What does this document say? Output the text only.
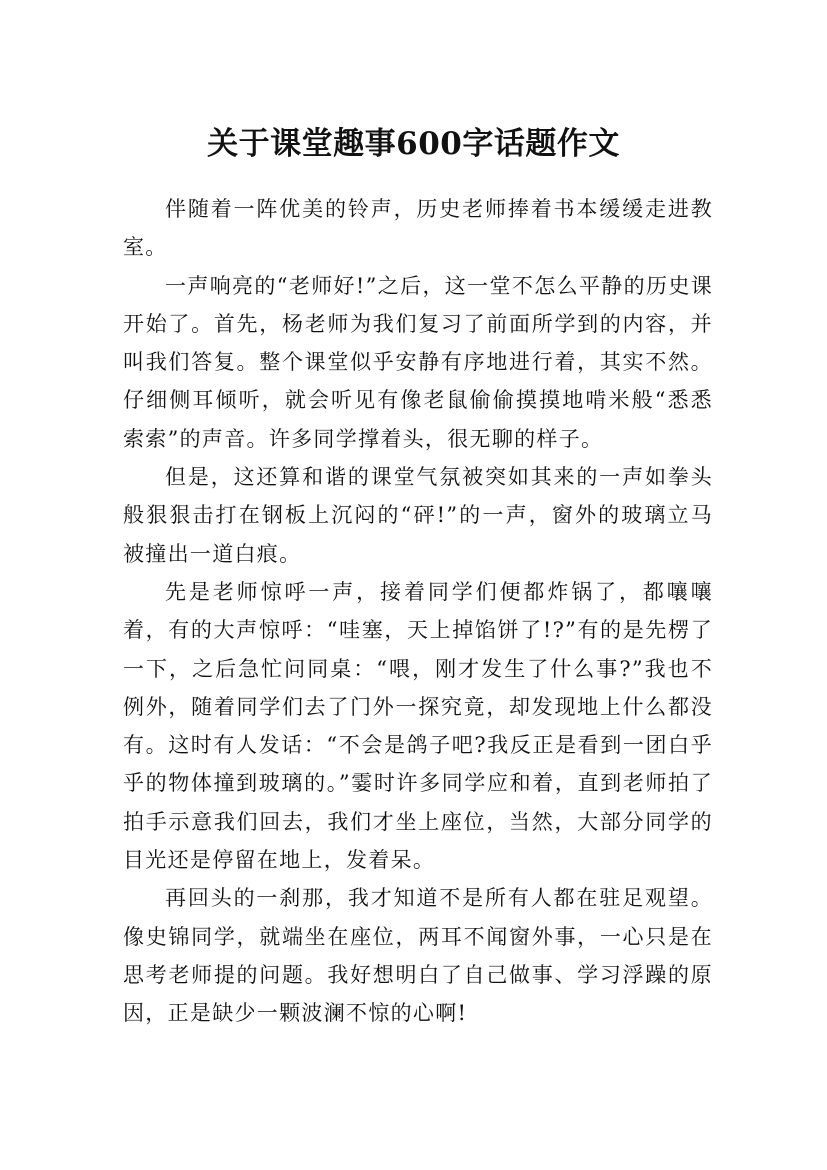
关于课堂趣事600字话题作文

伴随着一阵优美的铃声，历史老师捧着书本缓缓走进教室。

一声响亮的“老师好!”之后，这一堂不怎么平静的历史课开始了。首先，杨老师为我们复习了前面所学到的内容，并叫我们答复。整个课堂似乎安静有序地进行着，其实不然。仔细侧耳倾听，就会听见有像老鼠偷偷摸摸地啃米般“悉悉索索”的声音。许多同学撑着头，很无聊的样子。

但是，这还算和谐的课堂气氛被突如其来的一声如拳头般狠狠击打在钢板上沉闷的“砰!”的一声，窗外的玻璃立马被撞出一道白痕。

先是老师惊呼一声，接着同学们便都炸锅了，都嚷嚷着，有的大声惊呼：“哇塞，天上掉馅饼了!?”有的是先楞了一下，之后急忙问同桌：“喂，刚才发生了什么事?”我也不例外，随着同学们去了门外一探究竟，却发现地上什么都没有。这时有人发话：“不会是鸽子吧?我反正是看到一团白乎乎的物体撞到玻璃的。”霎时许多同学应和着，直到老师拍了拍手示意我们回去，我们才坐上座位，当然，大部分同学的目光还是停留在地上，发着呆。

再回头的一刹那，我才知道不是所有人都在驻足观望。像史锦同学，就端坐在座位，两耳不闻窗外事，一心只是在思考老师提的问题。我好想明白了自己做事、学习浮躁的原因，正是缺少一颗波澜不惊的心啊!
